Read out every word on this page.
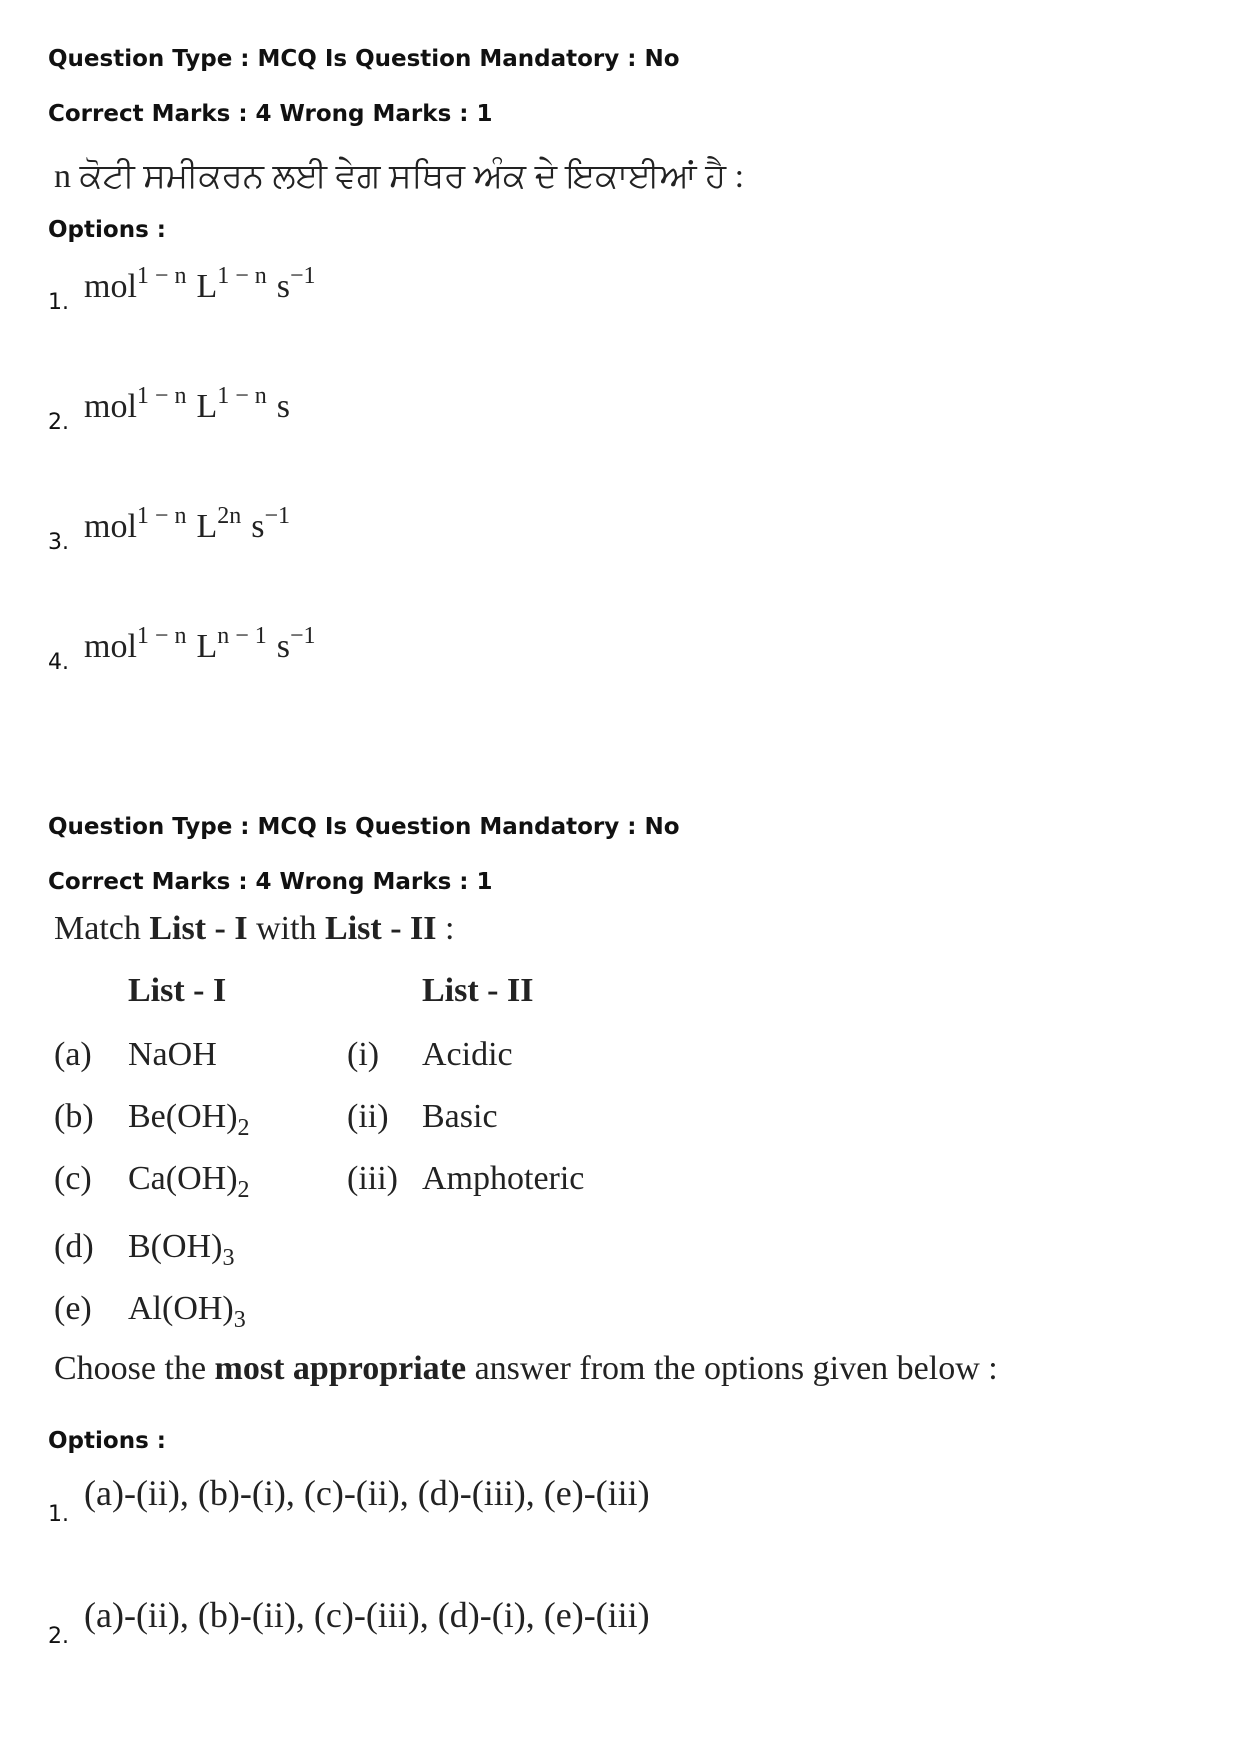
Question Type : MCQ Is Question Mandatory : No
Correct Marks : 4 Wrong Marks : 1
n ਕੋਟੀ ਸਮੀਕਰਨ ਲਈ ਵੇਗ ਸਥਿਰ ਅੰਕ ਦੇ ਇਕਾਈਆਂ ਹੈ :
Options :
1. mol$^{1 - n}$ $L^{1 - n}$ $s^{-1}$
2. mol$^{1 - n}$ $L^{1 - n}$ s
3. mol$^{1 - n}$ $L^{2n}$ $s^{-1}$
4. mol$^{1 - n}$ $L^{n - 1}$ $s^{-1}$
Question Type : MCQ Is Question Mandatory : No
Correct Marks : 4 Wrong Marks : 1
Match List - I with List - II :
List - I	List - II
(a) NaOH
(b) $Be(OH)_2$
(c) $Ca(OH)_2$
(d) $B(OH)_3$
(e) $Al(OH)_3$
(i) Acidic
(ii) Basic
(iii) Amphoteric
Choose the most appropriate answer from the options given below :
Options :
1.
(a)-(ii), (b)-(i), (c)-(ii), (d)-(iii), (e)-(iii)
2.
(a)-(ii), (b)-(ii), (c)-(iii), (d)-(i), (e)-(iii)
